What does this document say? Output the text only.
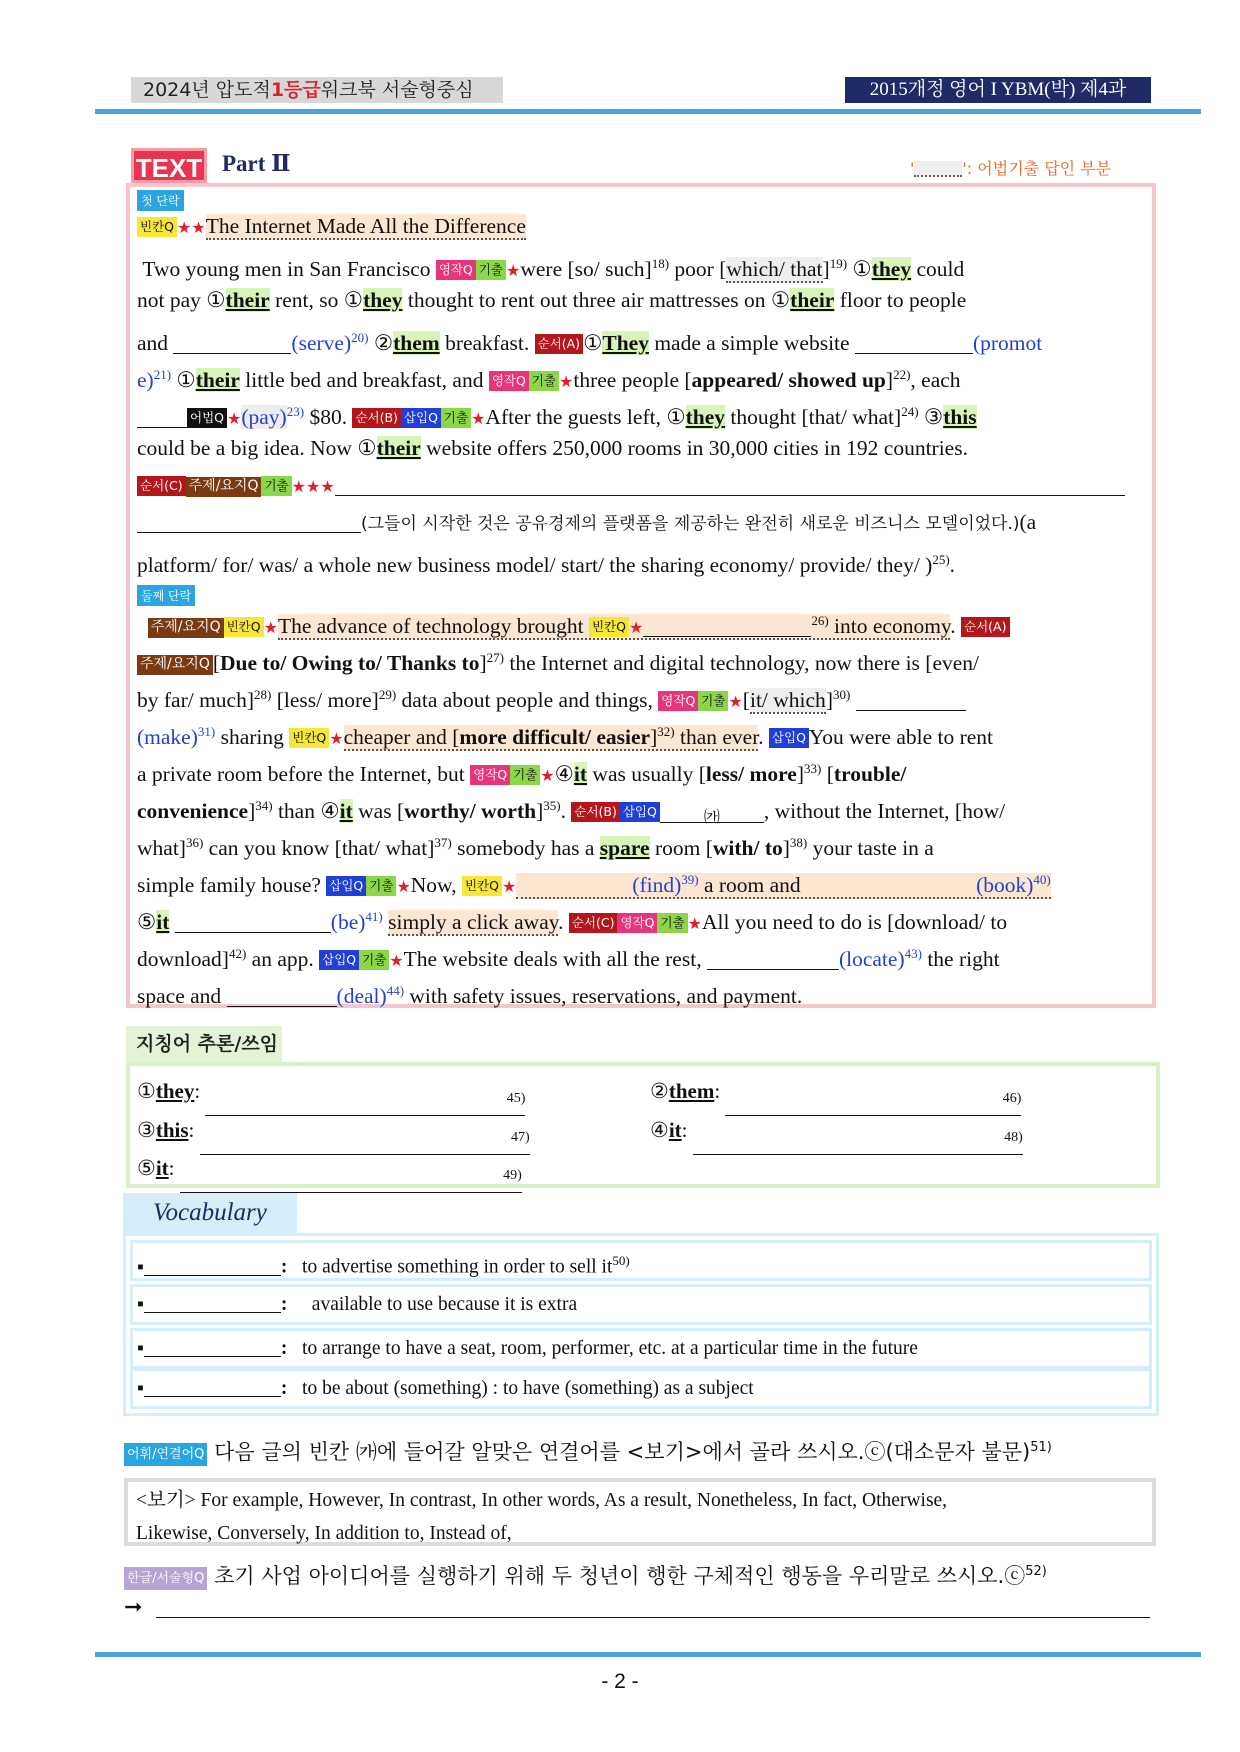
2024년 압도적1등급워크북 서술형중심	2015개정 영어 I YBM(박) 제4과
TEXT Part Ⅱ	'	': 어법기출 답인 부분
첫 단락
빈칸Q ★★The Internet Made All the Difference
Two young men in San Francisco 영작Q 기출 ★were [so/ such]$^{18)}$ poor [which/ that]$^{19)}$ ①they could
not pay ①their rent, so ①they thought to rent out three air mattresses on ①their floor to people
and	(serve)$^{20)}$ ②them breakfast. 순서(A) ①They made a simple website	(promot
e)$^{21)}$ ①their little bed and breakfast, and 영작Q 기출 ★three people [appeared/ showed up]$^{22)}$, each
어법Q ★(pay)$^{23)}$ $80. 순서(B) 삽입Q 기출 ★After the guests left, ①they thought [that/ what]$^{24)}$ ③this
could be a big idea. Now ①their website offers 250,000 rooms in 30,000 cities in 192 countries.
순서(C) 주제/요지Q 기출 ★★★
(그들이 시작한 것은 공유경제의 플랫폼을 제공하는 완전히 새로운 비즈니스 모델이었다.)(a
platform/ for/ was/ a whole new business model/ start/ the sharing economy/ provide/ they/ )$^{25)}$.
둘째 단락
주제/요지Q 빈칸Q ★The advance of technology brought 빈칸Q ★	$^{26)}$ into economy. 순서(A)
주제/요지Q [Due to/ Owing to/ Thanks to]$^{27)}$ the Internet and digital technology, now there is [even/
by far/ much]$^{28)}$ [less/ more]$^{29)}$ data about people and things, 영작Q 기출 ★[it/ which]$^{30)}$
(make)$^{31)}$ sharing 빈칸Q ★cheaper and [more difficult/ easier]$^{32)}$ than ever. 삽입Q You were able to rent
a private room before the Internet, but 영작Q 기출 ★④it was usually [less/ more]$^{33)}$ [trouble/
convenience]$^{34)}$ than ④it was [worthy/ worth]$^{35)}$. 순서(B) 삽입Q	㈎ , without the Internet, [how/
what]$^{36)}$ can you know [that/ what]$^{37)}$ somebody has a spare room [with/ to]$^{38)}$ your taste in a
simple family house? 삽입Q 기출 ★Now, 빈칸Q ★	(find)$^{39)}$ a room and	(book)$^{40)}$
⑤it	(be)$^{41)}$ simply a click away. 순서(C) 영작Q 기출 ★All you need to do is [download/ to
download]$^{42)}$ an app. 삽입Q 기출 ★The website deals with all the rest,	(locate)$^{43)}$ the right
space and	(deal)$^{44)}$ with safety issues, reservations, and payment.
지칭어 추론/쓰임
①they:	45)	②them:	46)
③this:	47)	④it:	48)
⑤it:	49)
Vocabulary
▪	: to advertise something in order to sell $it^{50)}$
▪	: available to use because it is extra
▪	: to arrange to have a seat, room, performer, etc. at a particular time in the future
▪	: to be about (something) : to have (something) as a subject
어휘/연결어Q 다음 글의 빈칸 ㈎에 들어갈 알맞은 연결어를 <보기>에서 골라 쓰시오.ⓒ(대소문자 불문)$^{51)}$
<보기> For example, However, In contrast, In other words, As a result, Nonetheless, In fact, Otherwise,
Likewise, Conversely, In addition to, Instead of,
한글/서술형Q 초기 사업 아이디어를 실행하기 위해 두 청년이 행한 구체적인 행동을 우리말로 쓰시오.ⓒ$^{52)}$
➞
- 2 -
